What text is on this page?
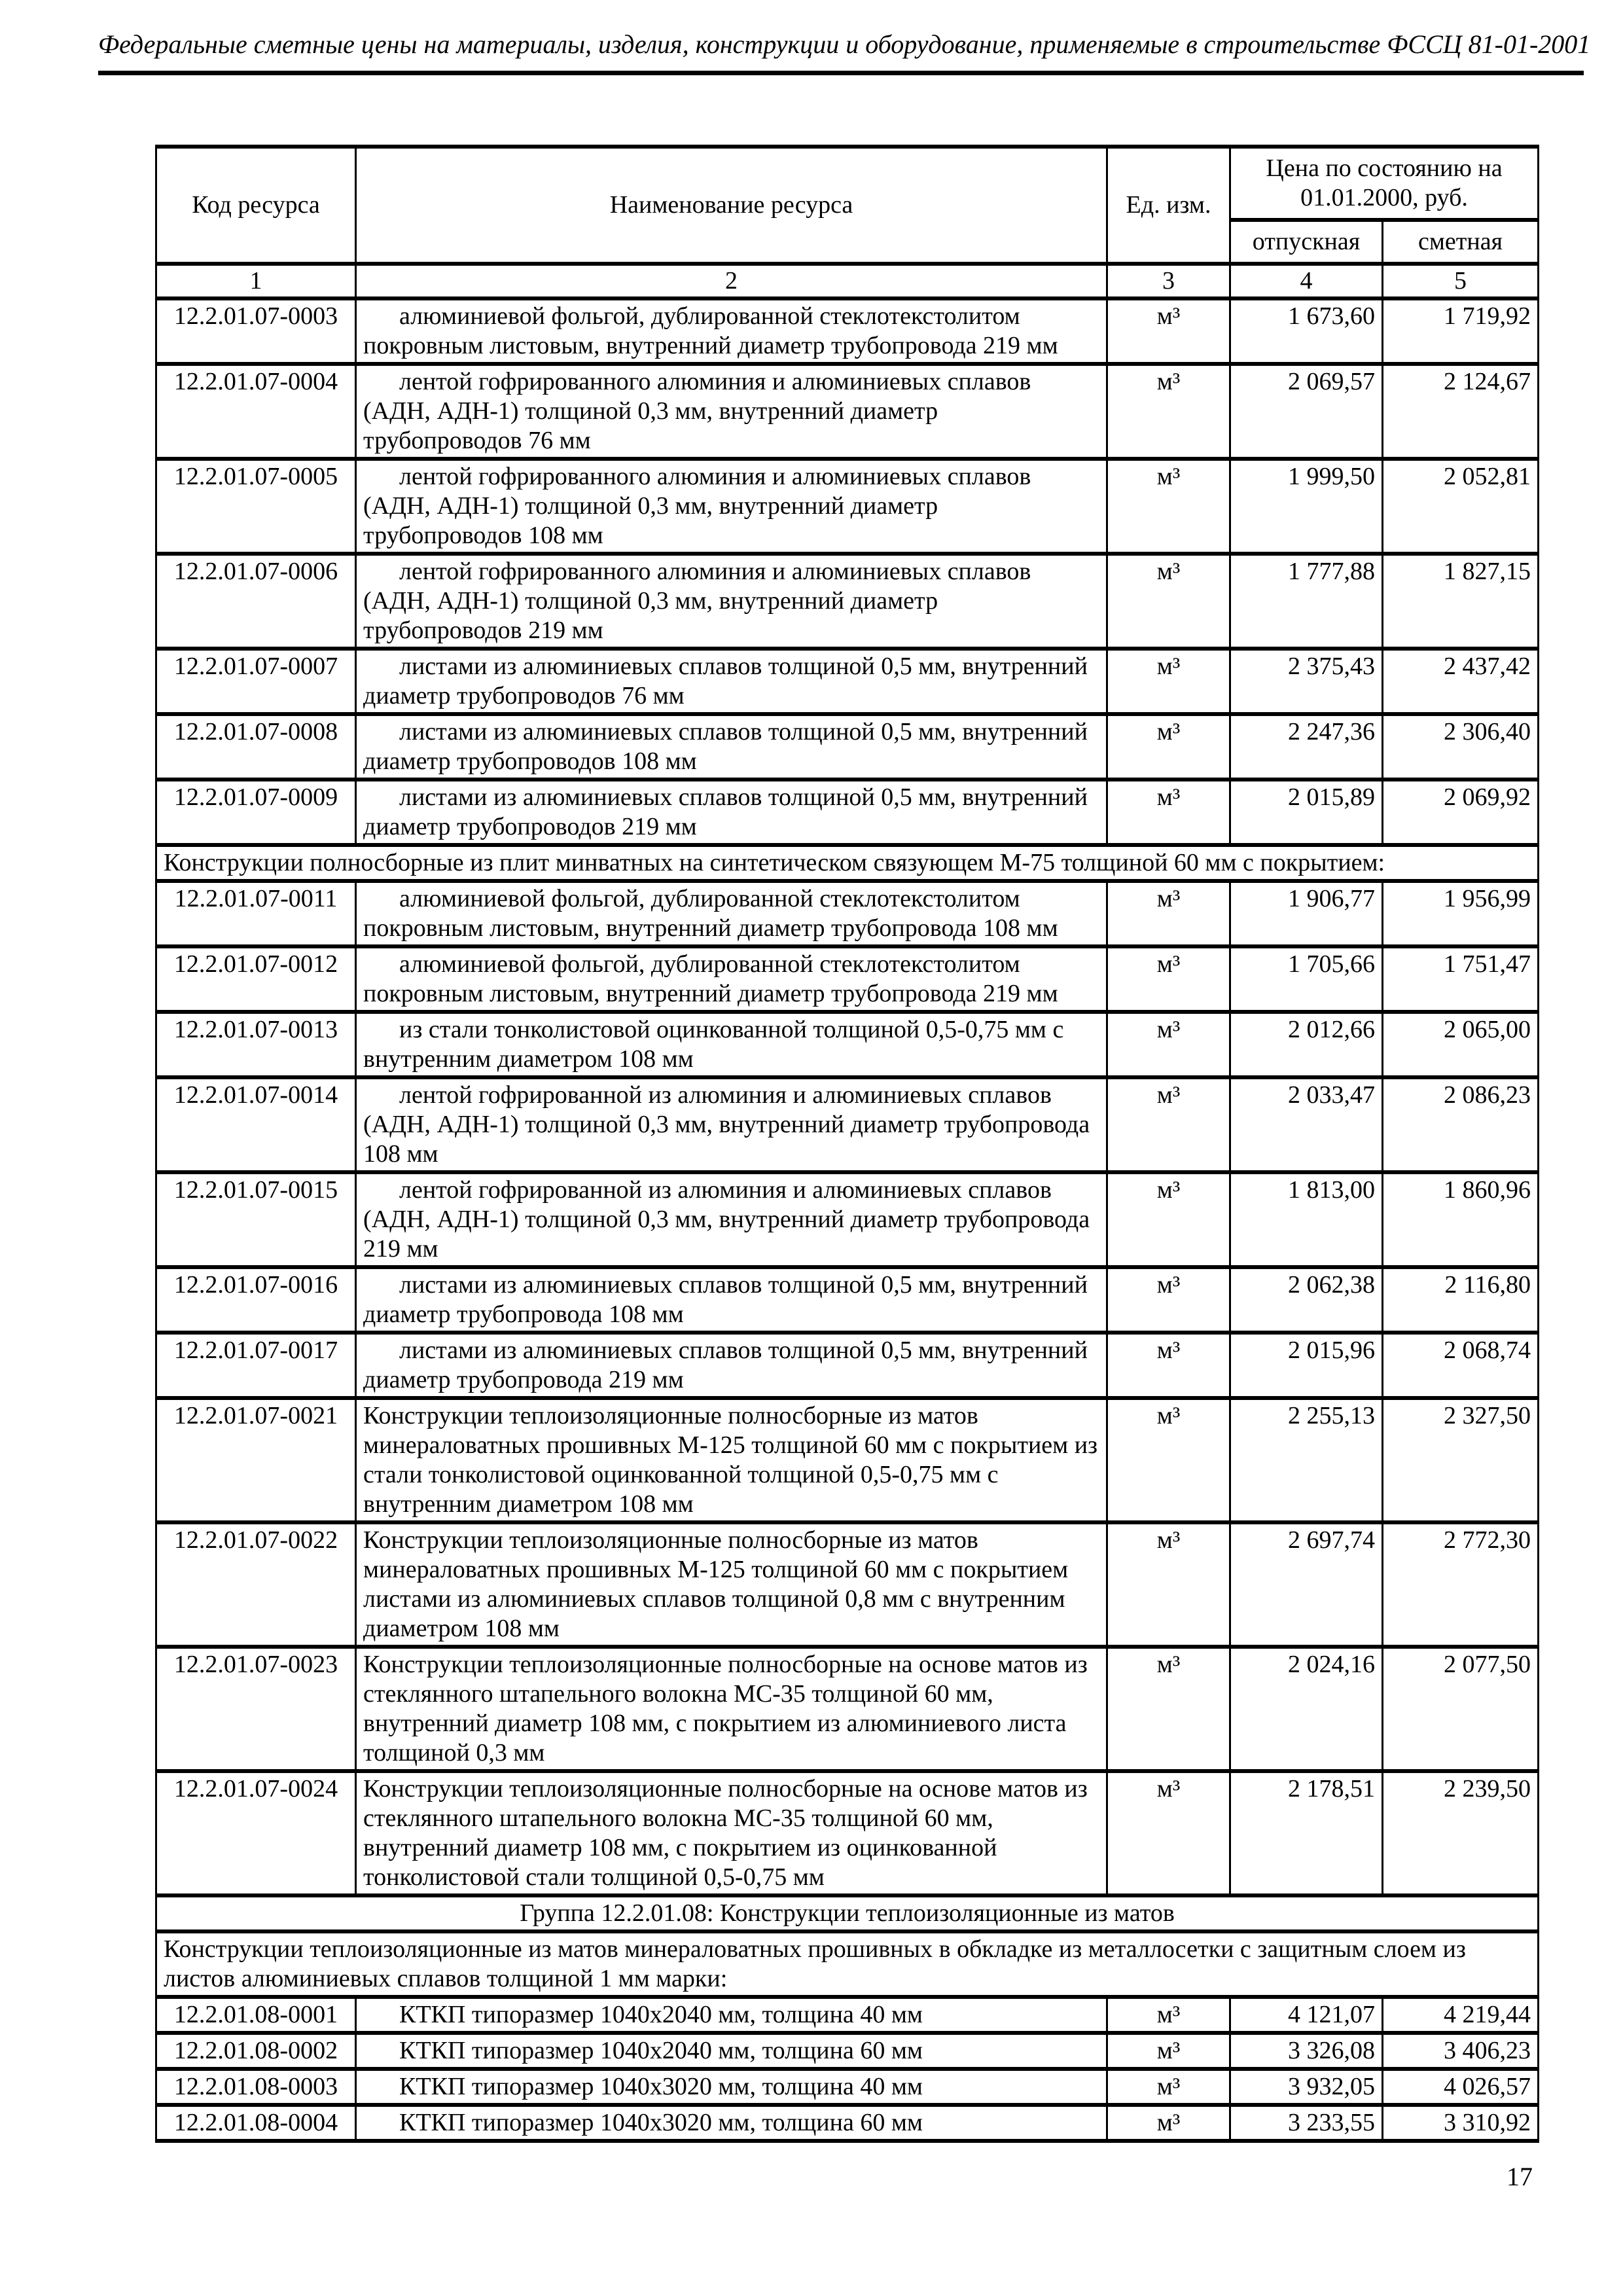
Федеральные сметные цены на материалы, изделия, конструкции и оборудование, применяемые в строительстве ФССЦ 81-01-2001
Код ресурса	Наименование ресурса	Ед. изм.	Цена по состоянию на 01.01.2000, руб.	
			отпускная	сметная
1	2	3	4	5
12.2.01.07-0003	алюминиевой фольгой, дублированной стеклотекстолитом покровным листовым, внутренний диаметр трубопровода 219 мм	м³	1 673,60	1 719,92
12.2.01.07-0004	лентой гофрированного алюминия и алюминиевых сплавов (АДН, АДН-1) толщиной 0,3 мм, внутренний диаметр трубопроводов 76 мм	м³	2 069,57	2 124,67
12.2.01.07-0005	лентой гофрированного алюминия и алюминиевых сплавов (АДН, АДН-1) толщиной 0,3 мм, внутренний диаметр трубопроводов 108 мм	м³	1 999,50	2 052,81
12.2.01.07-0006	лентой гофрированного алюминия и алюминиевых сплавов (АДН, АДН-1) толщиной 0,3 мм, внутренний диаметр трубопроводов 219 мм	м³	1 777,88	1 827,15
12.2.01.07-0007	листами из алюминиевых сплавов толщиной 0,5 мм, внутренний диаметр трубопроводов 76 мм	м³	2 375,43	2 437,42
12.2.01.07-0008	листами из алюминиевых сплавов толщиной 0,5 мм, внутренний диаметр трубопроводов 108 мм	м³	2 247,36	2 306,40
12.2.01.07-0009	листами из алюминиевых сплавов толщиной 0,5 мм, внутренний диаметр трубопроводов 219 мм	м³	2 015,89	2 069,92
Конструкции полносборные из плит минватных на синтетическом связующем М-75 толщиной 60 мм с покрытием:				
12.2.01.07-0011	алюминиевой фольгой, дублированной стеклотекстолитом покровным листовым, внутренний диаметр трубопровода 108 мм	м³	1 906,77	1 956,99
12.2.01.07-0012	алюминиевой фольгой, дублированной стеклотекстолитом покровным листовым, внутренний диаметр трубопровода 219 мм	м³	1 705,66	1 751,47
12.2.01.07-0013	из стали тонколистовой оцинкованной толщиной 0,5-0,75 мм с внутренним диаметром 108 мм	м³	2 012,66	2 065,00
12.2.01.07-0014	лентой гофрированной из алюминия и алюминиевых сплавов (АДН, АДН-1) толщиной 0,3 мм, внутренний диаметр трубопровода 108 мм	м³	2 033,47	2 086,23
12.2.01.07-0015	лентой гофрированной из алюминия и алюминиевых сплавов (АДН, АДН-1) толщиной 0,3 мм, внутренний диаметр трубопровода 219 мм	м³	1 813,00	1 860,96
12.2.01.07-0016	листами из алюминиевых сплавов толщиной 0,5 мм, внутренний диаметр трубопровода 108 мм	м³	2 062,38	2 116,80
12.2.01.07-0017	листами из алюминиевых сплавов толщиной 0,5 мм, внутренний диаметр трубопровода 219 мм	м³	2 015,96	2 068,74
12.2.01.07-0021	Конструкции теплоизоляционные полносборные из матов минераловатных прошивных М-125 толщиной 60 мм с покрытием из стали тонколистовой оцинкованной толщиной 0,5-0,75 мм с внутренним диаметром 108 мм	м³	2 255,13	2 327,50
12.2.01.07-0022	Конструкции теплоизоляционные полносборные из матов минераловатных прошивных М-125 толщиной 60 мм с покрытием листами из алюминиевых сплавов толщиной 0,8 мм с внутренним диаметром 108 мм	м³	2 697,74	2 772,30
12.2.01.07-0023	Конструкции теплоизоляционные полносборные на основе матов из стеклянного штапельного волокна МС-35 толщиной 60 мм, внутренний диаметр 108 мм, с покрытием из алюминиевого листа толщиной 0,3 мм	м³	2 024,16	2 077,50
12.2.01.07-0024	Конструкции теплоизоляционные полносборные на основе матов из стеклянного штапельного волокна МС-35 толщиной 60 мм, внутренний диаметр 108 мм, с покрытием из оцинкованной тонколистовой стали толщиной 0,5-0,75 мм	м³	2 178,51	2 239,50
Группа 12.2.01.08: Конструкции теплоизоляционные из матов				
Конструкции теплоизоляционные из матов минераловатных прошивных в обкладке из металлосетки с защитным слоем из листов алюминиевых сплавов толщиной 1 мм марки:				
12.2.01.08-0001	КТКП типоразмер 1040х2040 мм, толщина 40 мм	м³	4 121,07	4 219,44
12.2.01.08-0002	КТКП типоразмер 1040х2040 мм, толщина 60 мм	м³	3 326,08	3 406,23
12.2.01.08-0003	КТКП типоразмер 1040х3020 мм, толщина 40 мм	м³	3 932,05	4 026,57
12.2.01.08-0004	КТКП типоразмер 1040х3020 мм, толщина 60 мм	м³	3 233,55	3 310,92
17
